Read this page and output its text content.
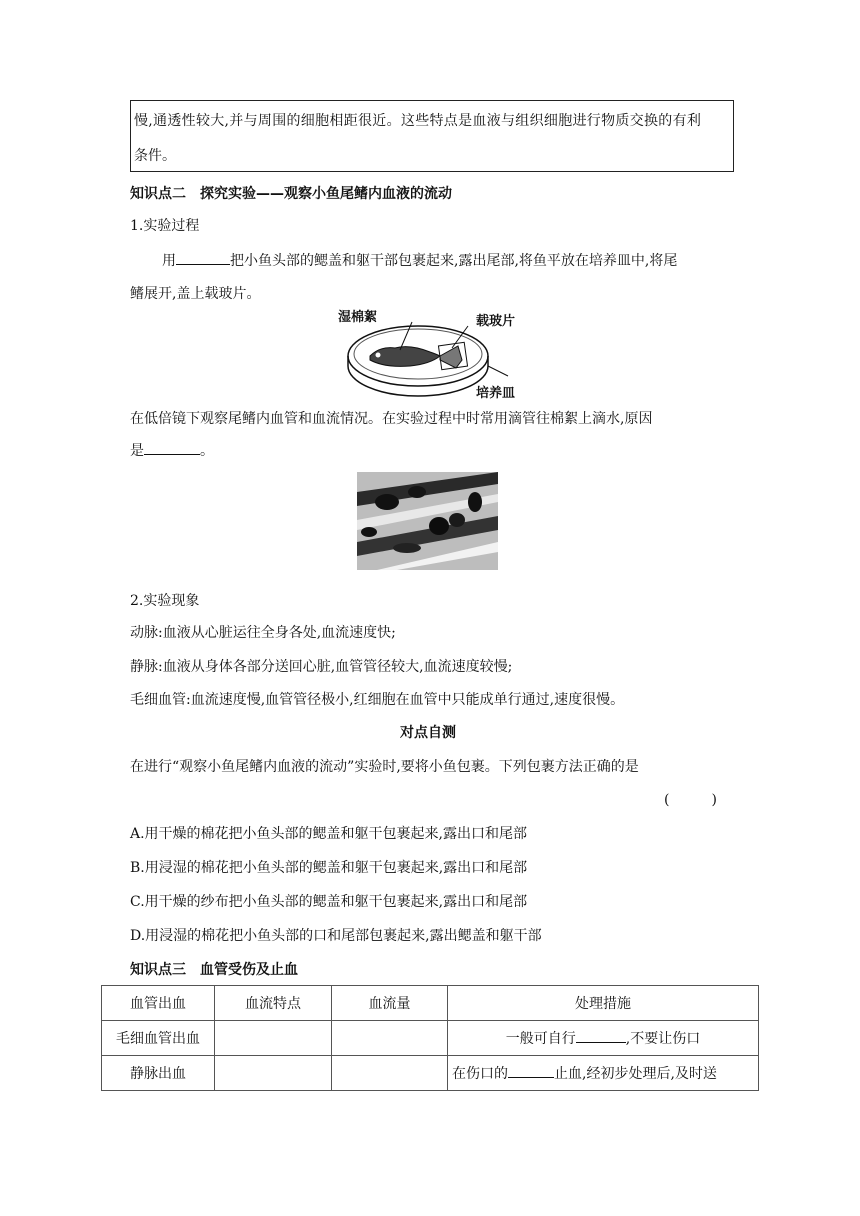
慢,通透性较大,并与周围的细胞相距很近。这些特点是血液与组织细胞进行物质交换的有利
条件。
知识点二　探究实验——观察小鱼尾鳍内血液的流动
1.实验过程
用	把小鱼头部的鳃盖和躯干部包裹起来,露出尾部,将鱼平放在培养皿中,将尾
鳍展开,盖上载玻片。
湿棉絮	载玻片
培养皿
在低倍镜下观察尾鳍内血管和血流情况。在实验过程中时常用滴管往棉絮上滴水,原因
是	。
2.实验现象
动脉:血液从心脏运往全身各处,血流速度快;
静脉:血液从身体各部分送回心脏,血管管径较大,血流速度较慢;
毛细血管:血流速度慢,血管管径极小,红细胞在血管中只能成单行通过,速度很慢。
对点自测
在进行“观察小鱼尾鳍内血液的流动”实验时,要将小鱼包裹。下列包裹方法正确的是
(　　　)
A.用干燥的棉花把小鱼头部的鳃盖和躯干包裹起来,露出口和尾部
B.用浸湿的棉花把小鱼头部的鳃盖和躯干包裹起来,露出口和尾部
C.用干燥的纱布把小鱼头部的鳃盖和躯干包裹起来,露出口和尾部
D.用浸湿的棉花把小鱼头部的口和尾部包裹起来,露出鳃盖和躯干部
知识点三　血管受伤及止血
血管出血	血流特点	血流量	处理措施
毛细血管出血			一般可自行 ,不要让伤口
静脉出血			在伤口的 止血,经初步处理后,及时送
